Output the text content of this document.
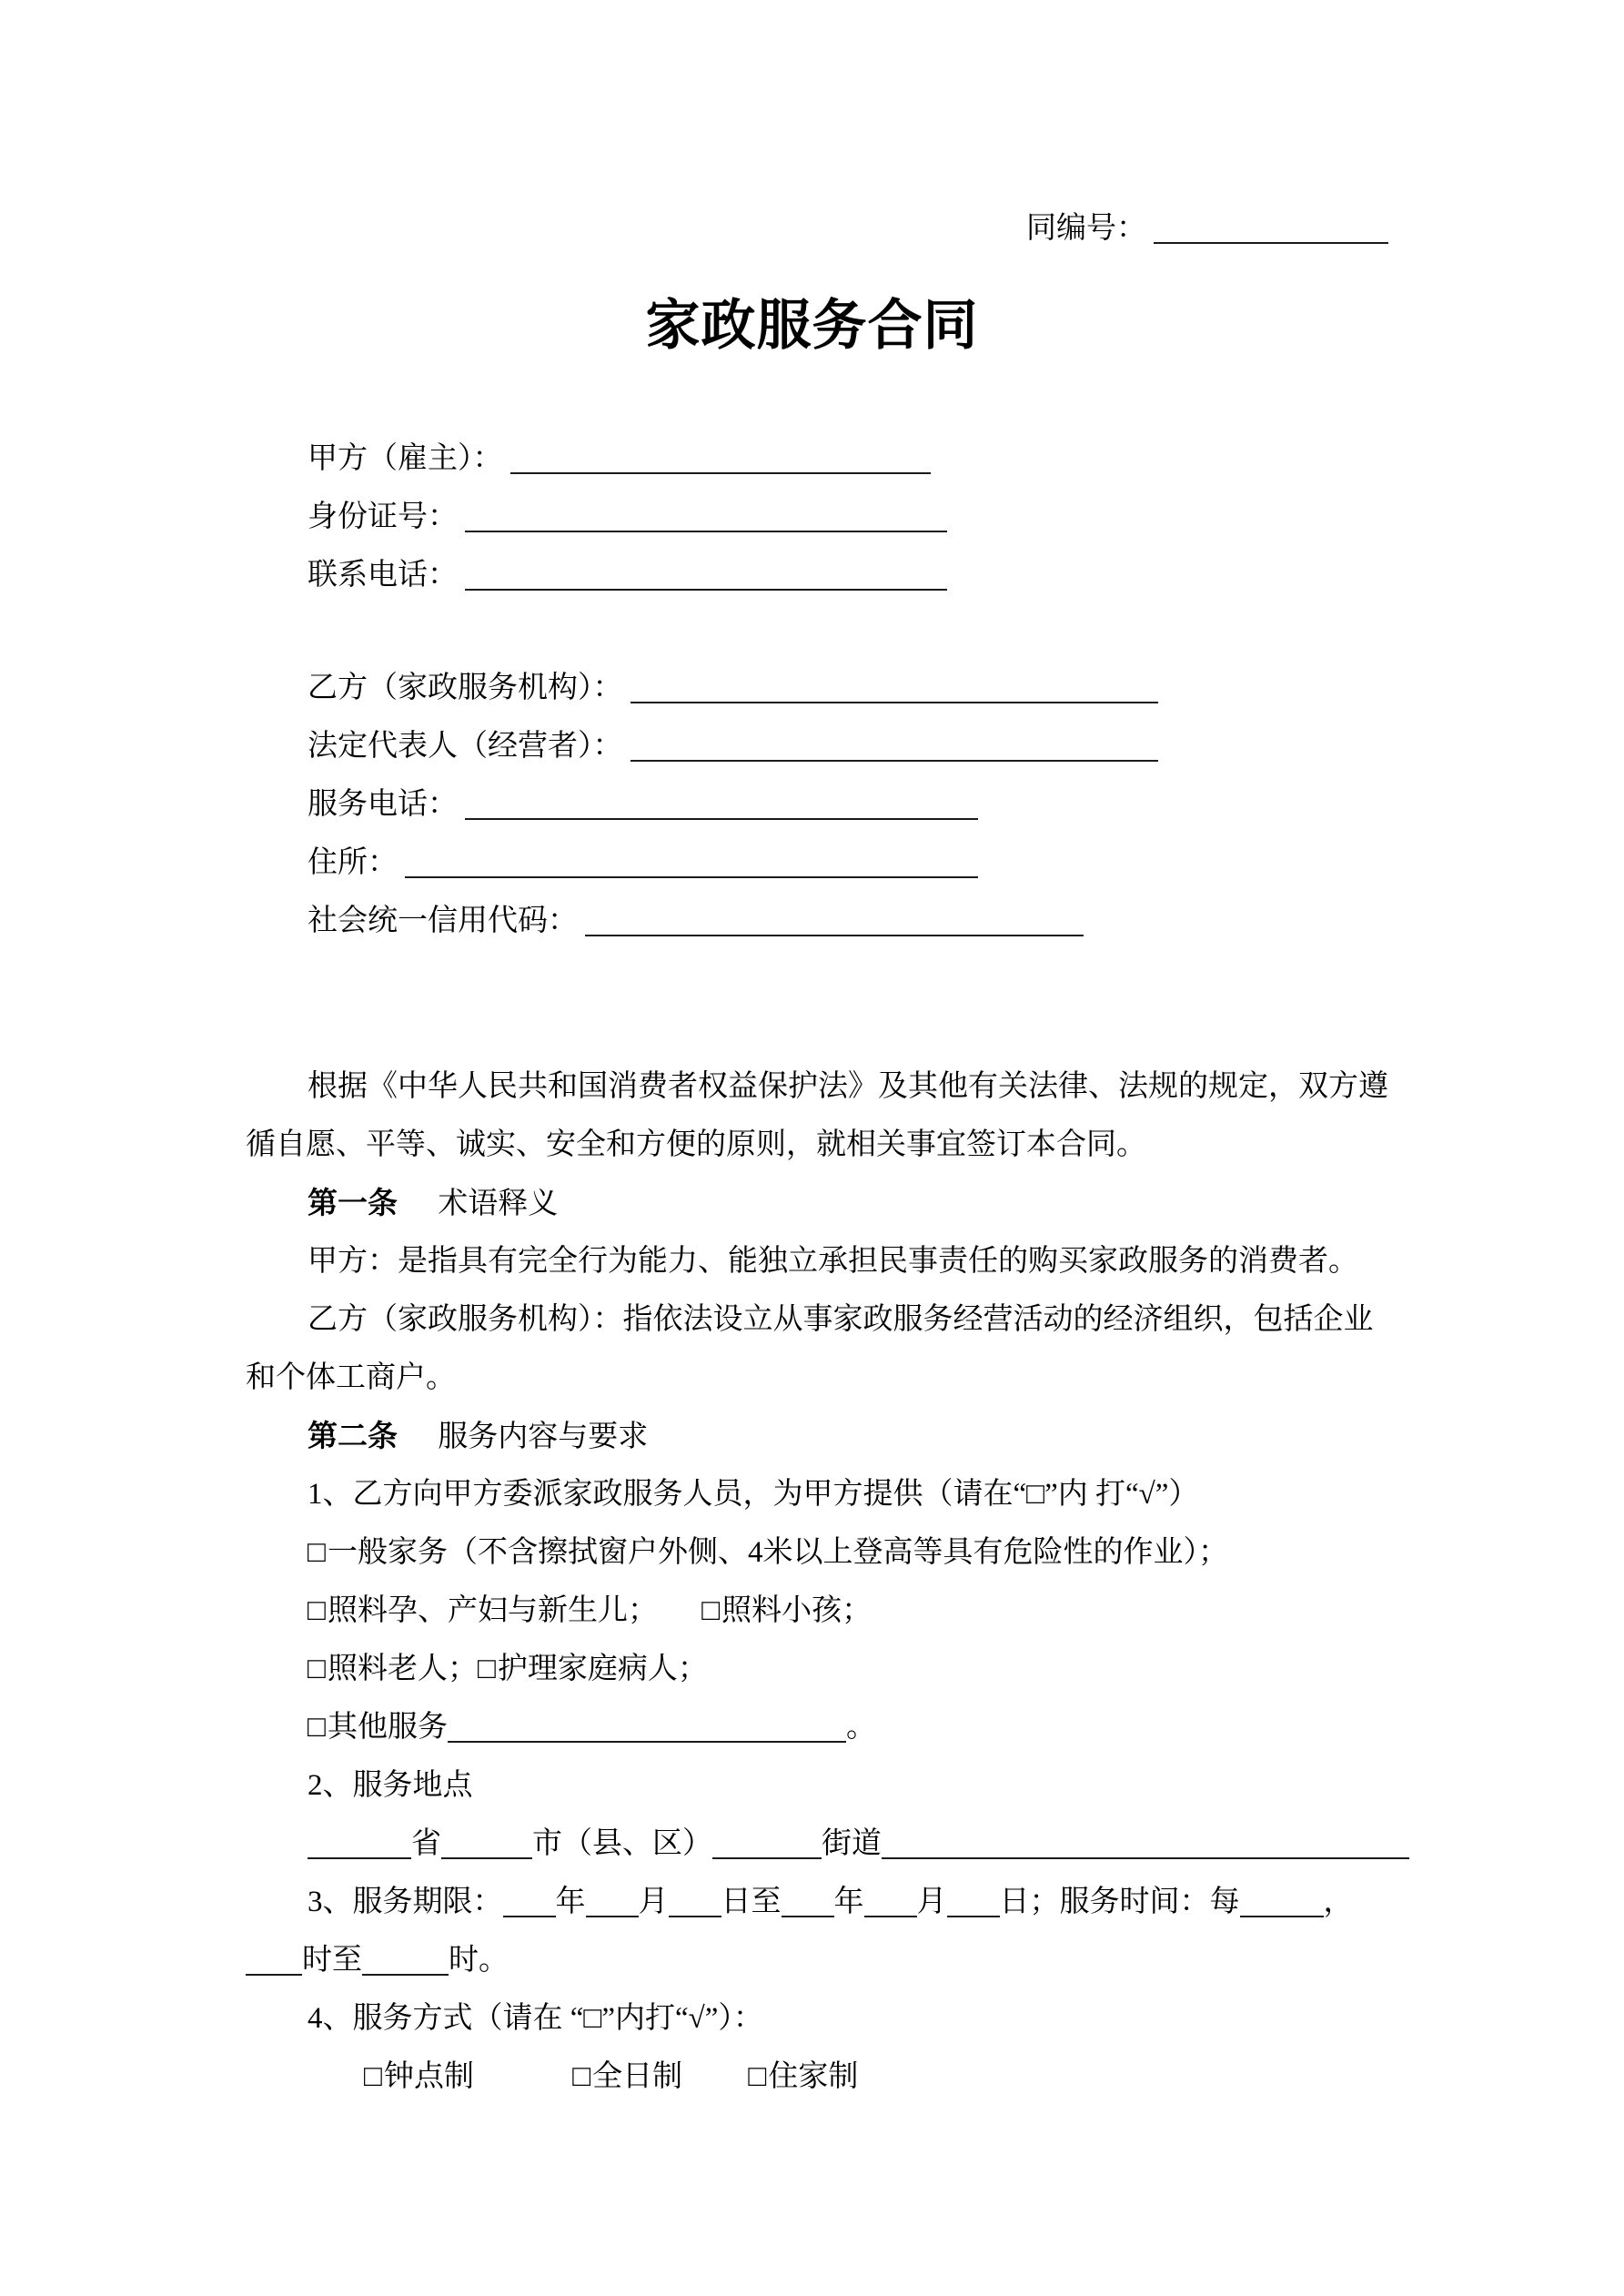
同编号：
家政服务合同
甲方（雇主）：
身份证号：
联系电话：
乙方（家政服务机构）：
法定代表人（经营者）：
服务电话：
住所：
社会统一信用代码：
根据《中华人民共和国消费者权益保护法》及其他有关法律、法规的规定，双方遵
循自愿、平等、诚实、安全和方便的原则，就相关事宜签订本合同。
第一条 术语释义
甲方：是指具有完全行为能力、能独立承担民事责任的购买家政服务的消费者。
乙方（家政服务机构）：指依法设立从事家政服务经营活动的经济组织，包括企业
和个体工商户。
第二条 服务内容与要求
1、乙方向甲方委派家政服务人员，为甲方提供（请在“□”内 打“√”）
□一般家务（不含擦拭窗户外侧、4米以上登高等具有危险性的作业）；
□照料孕、产妇与新生儿； □照料小孩；
□照料老人；□护理家庭病人；
□其他服务	。
2、服务地点
省	市（县、区）	街道
3、服务期限： 年 月 日至 年 月 日；服务时间：每	，
时至	时。
4、服务方式（请在 “□”内打“√”）：
□钟点制	□全日制 □住家制
